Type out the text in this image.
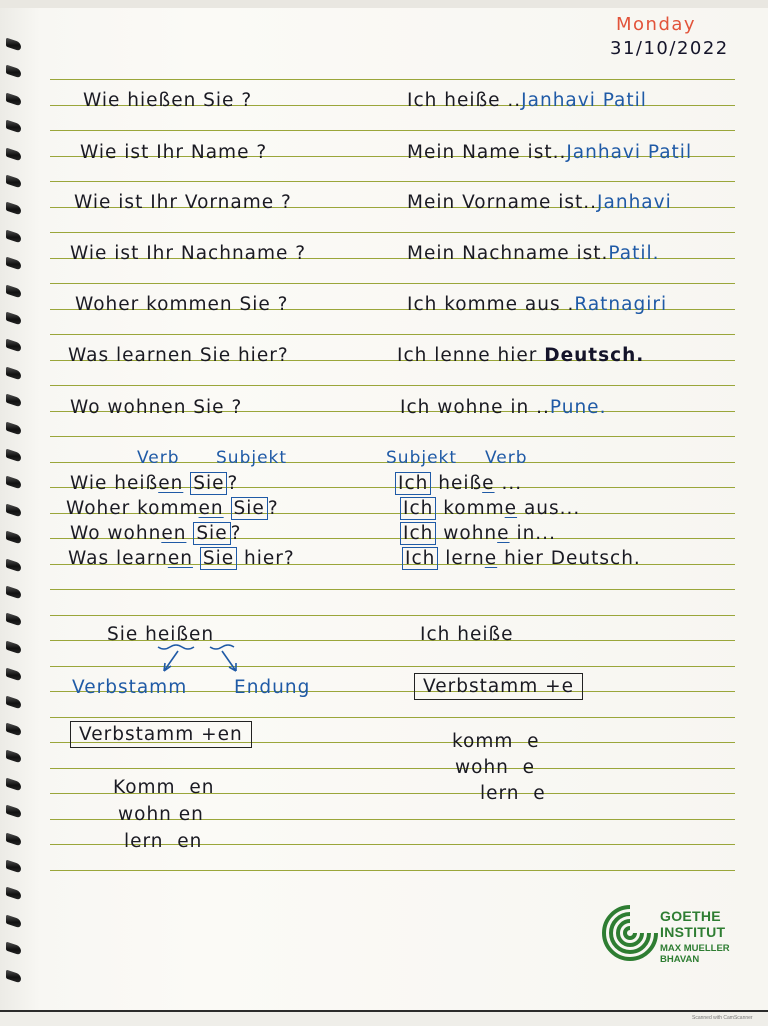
Monday
31/10/2022
Wie hießen Sie ?	Ich heiße ..Janhavi Patil
Wie ist Ihr Name ?	Mein Name ist..Janhavi Patil
Wie ist Ihr Vorname ?	Mein Vorname ist..Janhavi
Wie ist Ihr Nachname ?	Mein Nachname ist.Patil.
Woher kommen Sie ?	Ich komme aus .Ratnagiri
Was learnen Sie hier?	Ich lenne hier Deutsch.
Wo wohnen Sie ?	Ich wohne in ..Pune.
Verb Subjekt	Subjekt Verb
Wie heißen Sie ?	Ich heiße ...
Woher kommen Sie ?	Ich komme aus...
Wo wohnen Sie ?	Ich wohne in...
Was learnen Sie hier?	Ich lerne hier Deutsch.
Sie heißen
Verbstamm	Endung
Ich heiße
Verbstamm +e
Verbstamm +en
Komm  en
wohn en
lern  en
komm  e
wohn  e
lern  e
GOETHE
INSTITUT
MAX MUELLER
BHAVAN
Scanned with CamScanner
